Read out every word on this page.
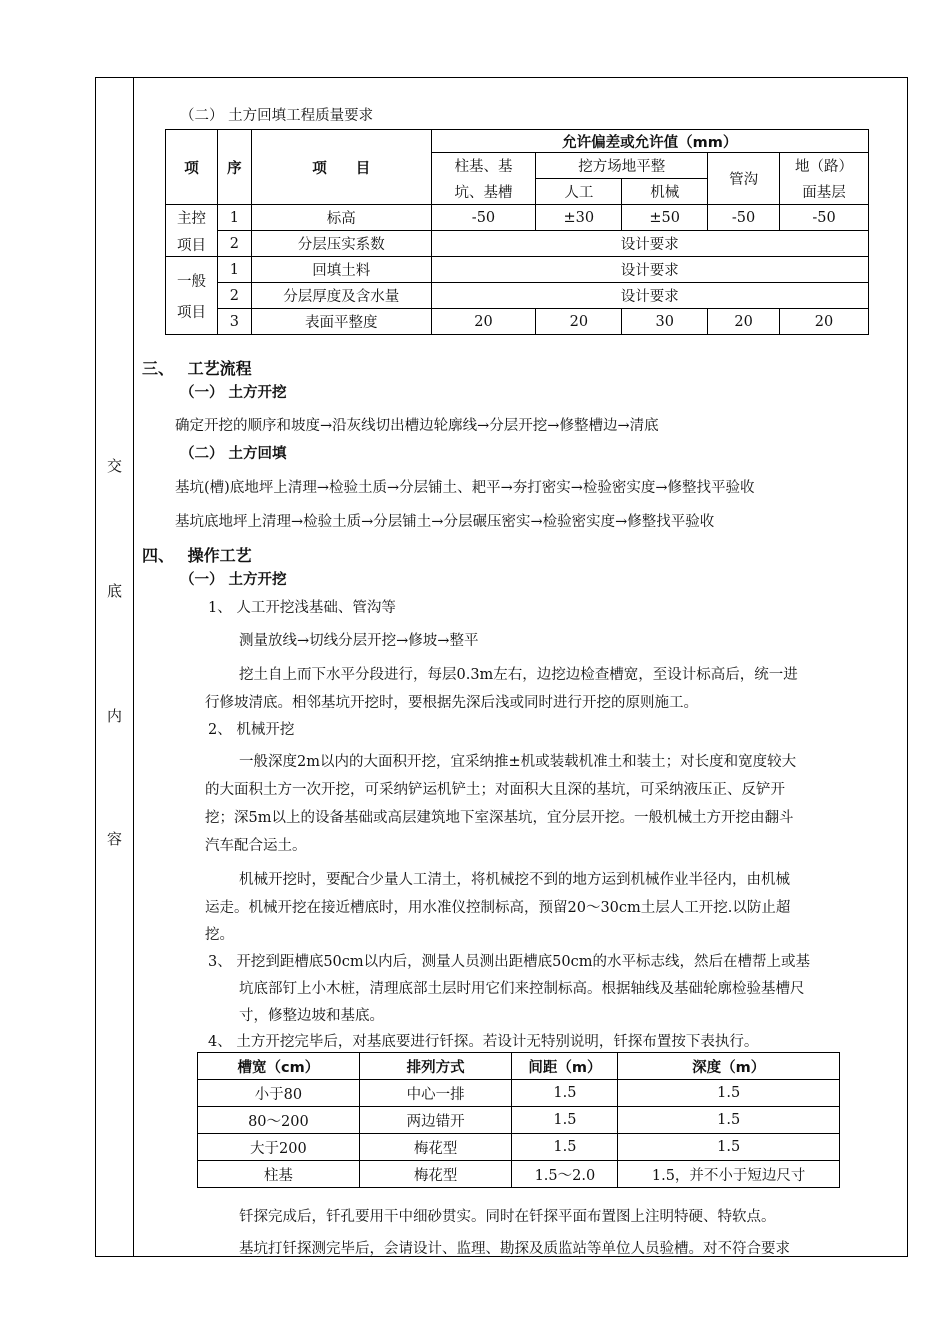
交
底
内
容
（二） 土方回填工程质量要求
项	序	项　　目	允许偏差或允许值（mm）				
			柱基、基	挖方场地平整		管沟	地（路）
			坑、基槽	人工	机械		面基层

主控
项目	1	标高	-50	±30	±50	-50	-50
	2	分层压实系数	设计要求				

一般
项目	1	回填土料	设计要求				
	2	分层厚度及含水量	设计要求				
	3	表面平整度	20	20	30	20	20
三、　 工艺流程
（一） 土方开挖
确定开挖的顺序和坡度→沿灰线切出槽边轮廓线→分层开挖→修整槽边→清底
（二） 土方回填
基坑(槽)底地坪上清理→检验土质→分层铺土、耙平→夯打密实→检验密实度→修整找平验收
基坑底地坪上清理→检验土质→分层铺土→分层碾压密实→检验密实度→修整找平验收
四、　 操作工艺
（一） 土方开挖
1、 人工开挖浅基础、管沟等
测量放线→切线分层开挖→修坡→整平
挖土自上而下水平分段进行，每层0.3m左右，边挖边检查槽宽，至设计标高后，统一进
行修坡清底。相邻基坑开挖时，要根据先深后浅或同时进行开挖的原则施工。
2、 机械开挖
一般深度2m以内的大面积开挖，宜采纳推±机或装载机准土和装土；对长度和宽度较大
的大面积土方一次开挖，可采纳铲运机铲土；对面积大且深的基坑，可采纳液压正、反铲开
挖；深5m以上的设备基础或高层建筑地下室深基坑，宜分层开挖。一般机械土方开挖由翻斗
汽车配合运土。
机械开挖时，要配合少量人工清土，将机械挖不到的地方运到机械作业半径内，由机械
运走。机械开挖在接近槽底时，用水准仪控制标高，预留20～30cm土层人工开挖.以防止超
挖。
3、 开挖到距槽底50cm以内后，测量人员测出距槽底50cm的水平标志线，然后在槽帮上或基
坑底部钉上小木桩，清理底部土层时用它们来控制标高。根据轴线及基础轮廓检验基槽尺
寸，修整边坡和基底。
4、 土方开挖完毕后，对基底要进行钎探。若设计无特别说明，钎探布置按下表执行。
槽宽（cm）	排列方式	间距（m）	深度（m）
小于80	中心一排	1.5	1.5
80～200	两边错开	1.5	1.5
大于200	梅花型	1.5	1.5
柱基	梅花型	1.5～2.0	1.5，并不小于短边尺寸
钎探完成后，钎孔要用干中细砂贯实。同时在钎探平面布置图上注明特硬、特软点。
基坑打钎探测完毕后，会请设计、监理、勘探及质监站等单位人员验槽。对不符合要求
